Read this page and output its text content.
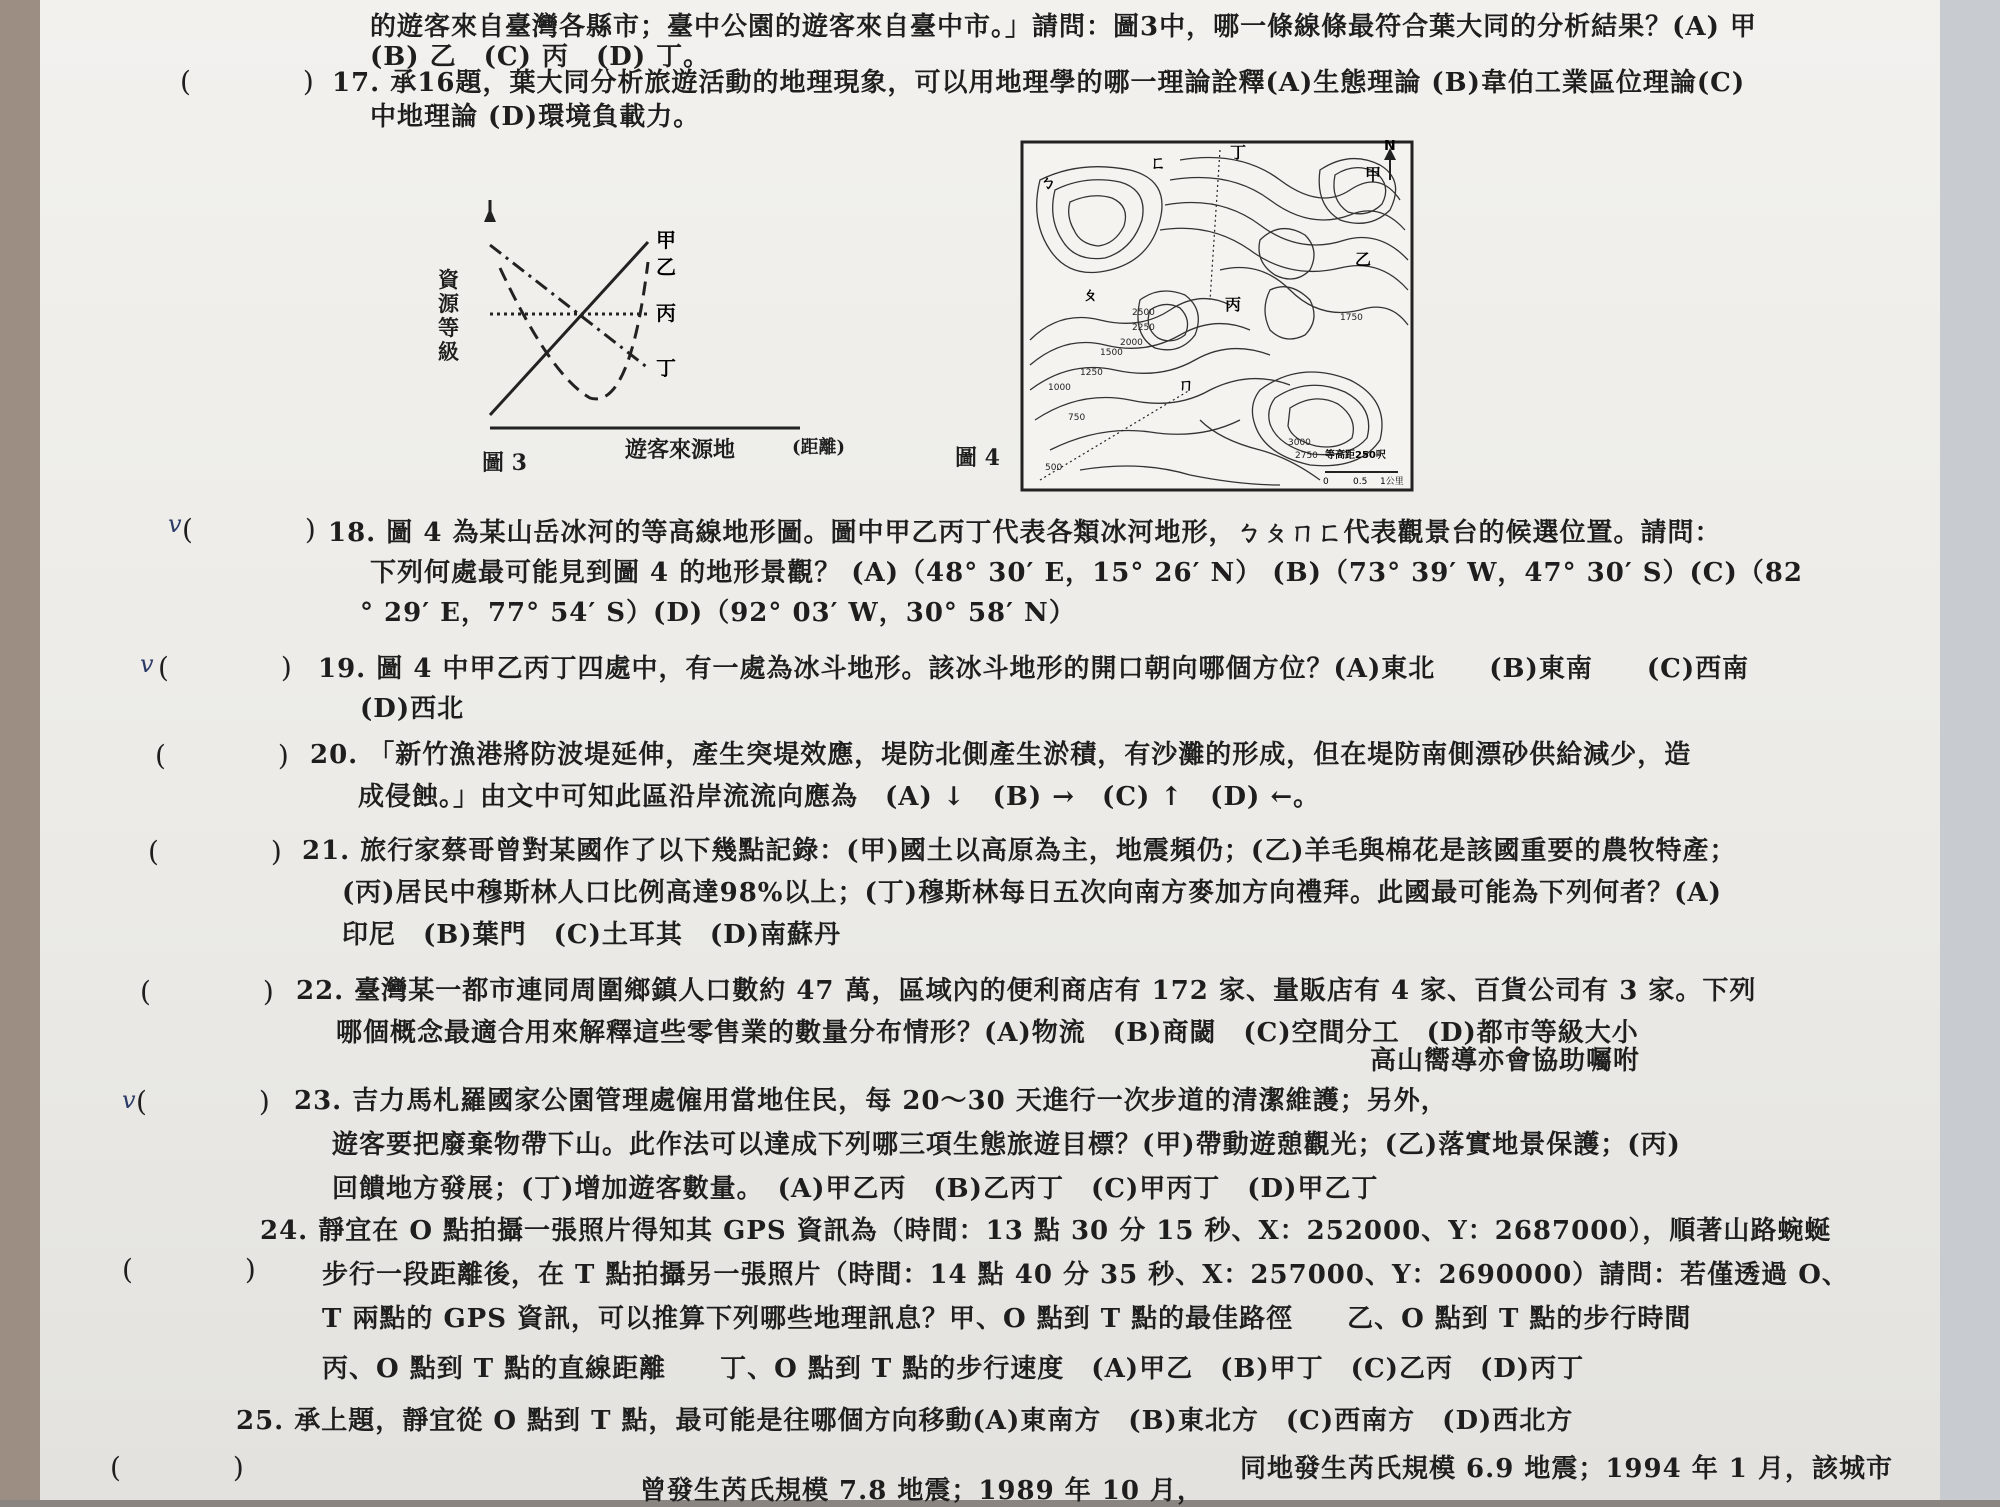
的遊客來自臺灣各縣市；臺中公園的遊客來自臺中市。」請問：圖3中，哪一條線條最符合葉大同的分析結果？(A) 甲
(B) 乙　(C) 丙　(D) 丁。
(　　　　) 17. 承16題，葉大同分析旅遊活動的地理現象，可以用地理學的哪一理論詮釋(A)生態理論 (B)韋伯工業區位理論(C)
中地理論 (D)環境負載力。
甲
乙
丙
丁
資
源
等
級
遊客來源地	(距離)
圖 3	圖 4
N
甲
乙
丙
丁
ㄅ
ㄆ
ㄇ
ㄈ
1750
2000
2250
2500
2750
3000
1000
1250
500
750
1500
等高距250呎
0	0.5 1公里
v (　　　　) 18. 圖 4 為某山岳冰河的等高線地形圖。圖中甲乙丙丁代表各類冰河地形，ㄅㄆㄇㄈ代表觀景台的候選位置。請問：
下列何處最可能見到圖 4 的地形景觀？ (A)（48° 30′ E，15° 26′ N） (B)（73° 39′ W，47° 30′ S）(C)（82
° 29′ E，77° 54′ S）(D)（92° 03′ W，30° 58′ N）
v (　　　　) 19. 圖 4 中甲乙丙丁四處中，有一處為冰斗地形。該冰斗地形的開口朝向哪個方位？(A)東北　　(B)東南　　(C)西南
(D)西北
(　　　　) 20. 「新竹漁港將防波堤延伸，產生突堤效應，堤防北側產生淤積，有沙灘的形成，但在堤防南側漂砂供給減少，造
成侵蝕。」由文中可知此區沿岸流流向應為　(A) ↓　(B) →　(C) ↑　(D) ←。
(　　　　) 21. 旅行家蔡哥曾對某國作了以下幾點記錄：(甲)國土以高原為主，地震頻仍；(乙)羊毛與棉花是該國重要的農牧特產；
(丙)居民中穆斯林人口比例高達98%以上；(丁)穆斯林每日五次向南方麥加方向禮拜。此國最可能為下列何者？(A)
印尼　(B)葉門　(C)土耳其　(D)南蘇丹
(　　　　) 22. 臺灣某一都市連同周圍鄉鎮人口數約 47 萬，區域內的便利商店有 172 家、量販店有 4 家、百貨公司有 3 家。下列
哪個概念最適合用來解釋這些零售業的數量分布情形？(A)物流　(B)商閾　(C)空間分工　(D)都市等級大小
高山嚮導亦會協助囑咐
v (　　　　) 23. 吉力馬札羅國家公園管理處僱用當地住民，每 20～30 天進行一次步道的清潔維護；另外，
遊客要把廢棄物帶下山。此作法可以達成下列哪三項生態旅遊目標？(甲)帶動遊憩觀光；(乙)落實地景保護；(丙)
回饋地方發展；(丁)增加遊客數量。　(A)甲乙丙　(B)乙丙丁　(C)甲丙丁　(D)甲乙丁
(　　　　)
24. 靜宜在 O 點拍攝一張照片得知其 GPS 資訊為（時間：13 點 30 分 15 秒、X：252000、Y：2687000），順著山路蜿蜒
步行一段距離後，在 T 點拍攝另一張照片（時間：14 點 40 分 35 秒、X：257000、Y：2690000）請問：若僅透過 O、
T 兩點的 GPS 資訊，可以推算下列哪些地理訊息？甲、O 點到 T 點的最佳路徑　　乙、O 點到 T 點的步行時間
丙、O 點到 T 點的直線距離　　丁、O 點到 T 點的步行速度　(A)甲乙　(B)甲丁　(C)乙丙　(D)丙丁
(　　　　)
25. 承上題，靜宜從 O 點到 T 點，最可能是往哪個方向移動(A)東南方　(B)東北方　(C)西南方　(D)西北方
同地發生芮氏規模 6.9 地震；1994 年 1 月，該城市
曾發生芮氏規模 7.8 地震；1989 年 10 月，
